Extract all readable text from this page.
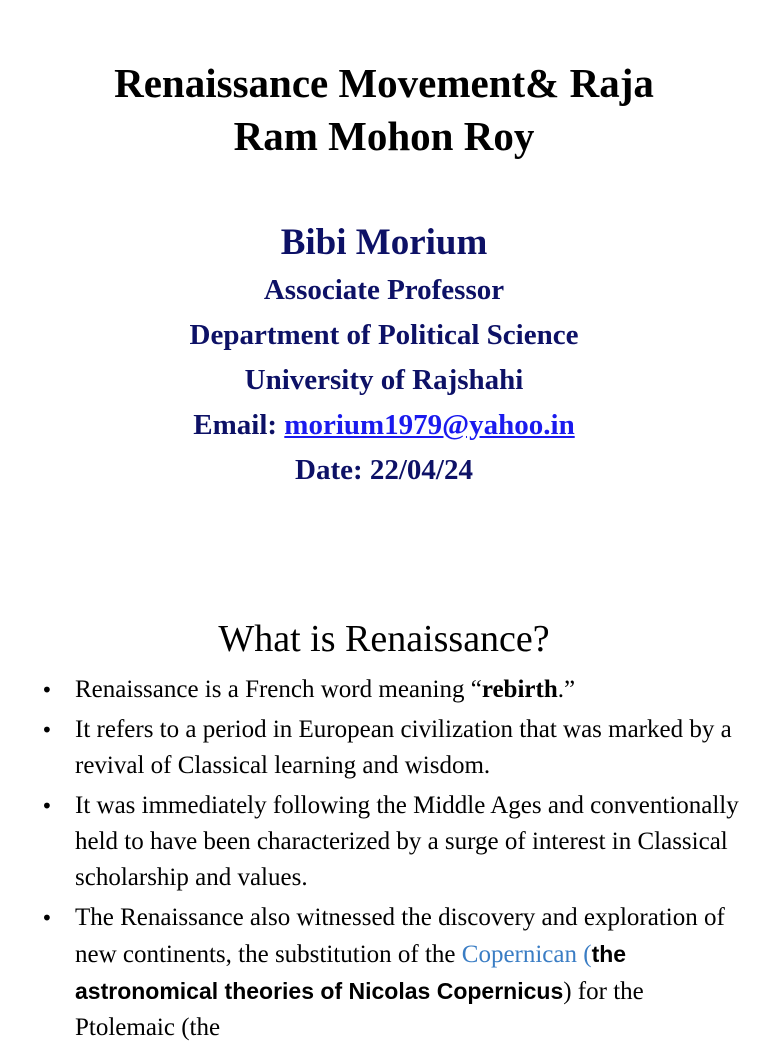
Renaissance Movement& Raja
Ram Mohon Roy
Bibi Morium
Associate Professor
Department of Political Science
University of Rajshahi
Email: morium1979@yahoo.in
Date: 22/04/24
What is Renaissance?
• Renaissance is a French word meaning “rebirth.”
• It refers to a period in European civilization that was marked by a revival of Classical learning and wisdom.
• It was immediately following the Middle Ages and conventionally held to have been characterized by a surge of interest in Classical scholarship and values.
• The Renaissance also witnessed the discovery and exploration of new continents, the substitution of the Copernican (the astronomical theories of Nicolas Copernicus) for the Ptolemaic (the
